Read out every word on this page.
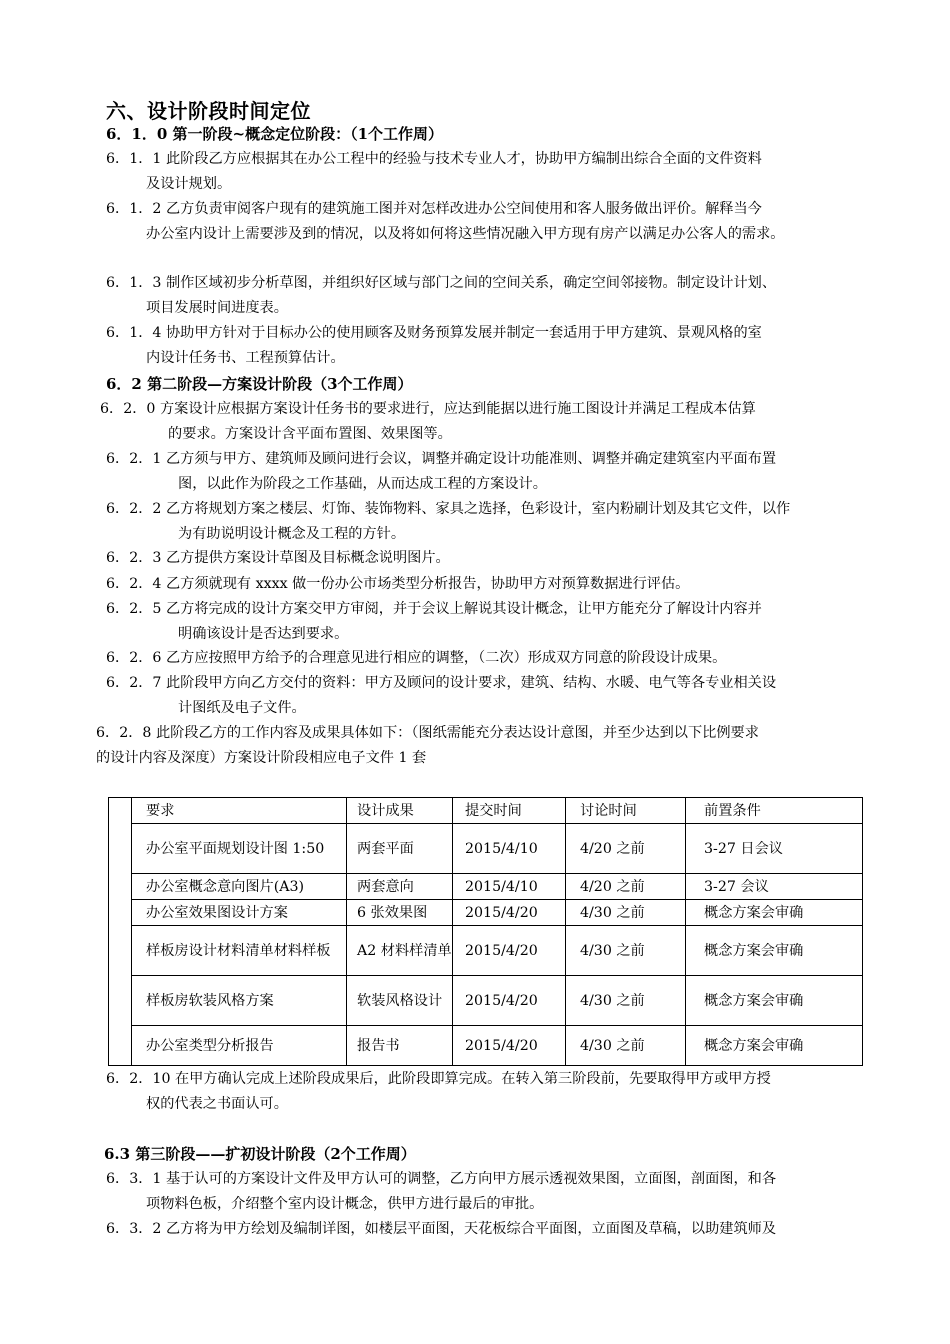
六、设计阶段时间定位
6．1．0 第一阶段~概念定位阶段：（1个工作周）
6．1．1 此阶段乙方应根据其在办公工程中的经验与技术专业人才，协助甲方编制出综合全面的文件资料
及设计规划。
6．1．2 乙方负责审阅客户现有的建筑施工图并对怎样改进办公空间使用和客人服务做出评价。解释当今
办公室内设计上需要涉及到的情况，以及将如何将这些情况融入甲方现有房产以满足办公客人的需求。
6．1．3 制作区域初步分析草图，并组织好区域与部门之间的空间关系，确定空间邻接物。制定设计计划、
项目发展时间进度表。
6．1．4 协助甲方针对于目标办公的使用顾客及财务预算发展并制定一套适用于甲方建筑、景观风格的室
内设计任务书、工程预算估计。
6．2 第二阶段—方案设计阶段（3个工作周）
6．2．0 方案设计应根据方案设计任务书的要求进行，应达到能据以进行施工图设计并满足工程成本估算
的要求。方案设计含平面布置图、效果图等。
6．2．1 乙方须与甲方、建筑师及顾问进行会议，调整并确定设计功能准则、调整并确定建筑室内平面布置
图，以此作为阶段之工作基础，从而达成工程的方案设计。
6．2．2 乙方将规划方案之楼层、灯饰、装饰物料、家具之选择，色彩设计，室内粉刷计划及其它文件，以作
为有助说明设计概念及工程的方针。
6．2．3 乙方提供方案设计草图及目标概念说明图片。
6．2．4 乙方须就现有 xxxx 做一份办公市场类型分析报告，协助甲方对预算数据进行评估。
6．2．5 乙方将完成的设计方案交甲方审阅，并于会议上解说其设计概念，让甲方能充分了解设计内容并
明确该设计是否达到要求。
6．2．6 乙方应按照甲方给予的合理意见进行相应的调整，（二次）形成双方同意的阶段设计成果。
6．2．7 此阶段甲方向乙方交付的资料：甲方及顾问的设计要求，建筑、结构、水暖、电气等各专业相关设
计图纸及电子文件。
6．2．8 此阶段乙方的工作内容及成果具体如下：（图纸需能充分表达设计意图，并至少达到以下比例要求
的设计内容及深度）方案设计阶段相应电子文件 1 套
	要求	设计成果	提交时间	讨论时间	前置条件
	办公室平面规划设计图 1:50	两套平面	2015/4/10	4/20 之前	3-27 日会议
	办公室概念意向图片(A3)	两套意向	2015/4/10	4/20 之前	3-27 会议
	办公室效果图设计方案	6 张效果图	2015/4/20	4/30 之前	概念方案会审确
	样板房设计材料清单材料样板	A2 材料样清单	2015/4/20	4/30 之前	概念方案会审确
	样板房软装风格方案	软装风格设计	2015/4/20	4/30 之前	概念方案会审确
	办公室类型分析报告	报告书	2015/4/20	4/30 之前	概念方案会审确
6．2．10 在甲方确认完成上述阶段成果后，此阶段即算完成。在转入第三阶段前，先要取得甲方或甲方授
权的代表之书面认可。
6.3 第三阶段——扩初设计阶段（2个工作周）
6．3．1 基于认可的方案设计文件及甲方认可的调整，乙方向甲方展示透视效果图，立面图，剖面图，和各
项物料色板，介绍整个室内设计概念，供甲方进行最后的审批。
6．3．2 乙方将为甲方绘划及编制详图，如楼层平面图，天花板综合平面图，立面图及草稿，以助建筑师及
